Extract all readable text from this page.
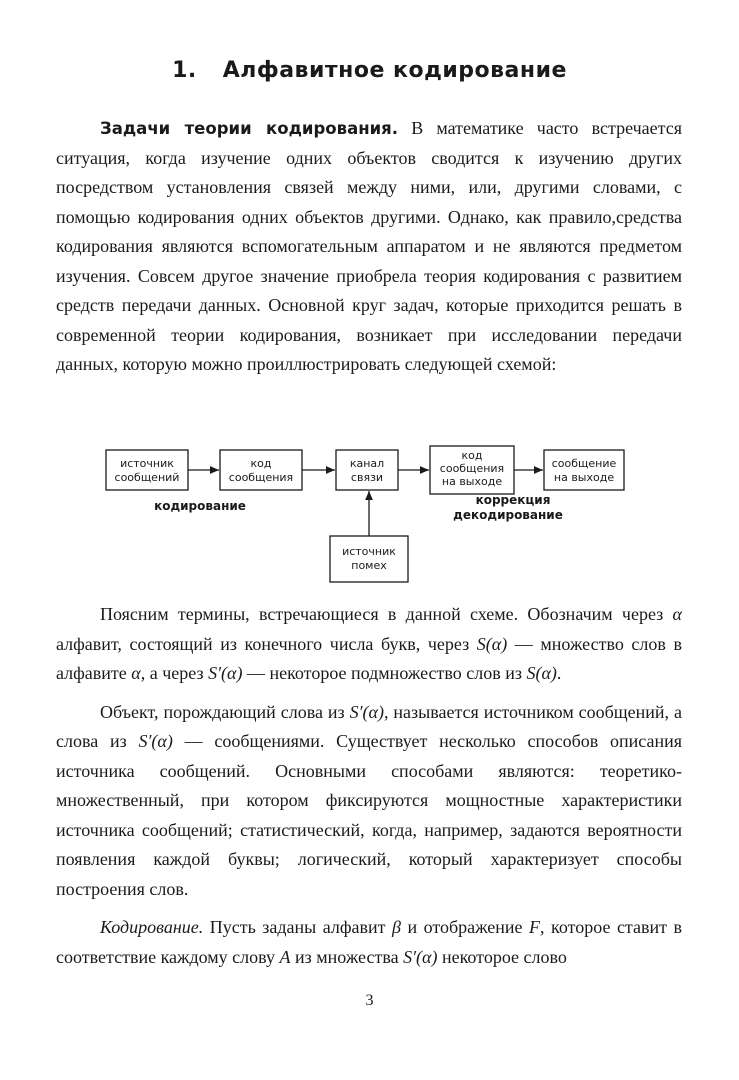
1. Алфавитное кодирование

Задачи теории кодирования. В математике часто встречается ситуация, когда изучение одних объектов сводится к изучению других посредством установления связей между ними, или, другими словами, с помощью кодирования одних объектов другими. Однако, как правило,средства кодирования являются вспомогательным аппаратом и не являются предметом изучения. Совсем другое значение приобрела теория кодирования с развитием средств передачи данных. Основной круг задач, которые приходится решать в современной теории кодирования, возникает при исследовании передачи данных, которую можно проиллюстрировать следующей схемой:

источник
сообщений
код
сообщения
канал
связи
код
сообщения
на выходе
сообщение
на выходе
источник
помех
кодирование	коррекция
декодирование

Поясним термины, встречающиеся в данной схеме. Обозначим через α алфавит, состоящий из конечного числа букв, через S(α) — множество слов в алфавите α, а через S′(α) — некоторое подмножество слов из S(α).

Объект, порождающий слова из S′(α), называется источником сообщений, а слова из S′(α) — сообщениями. Существует несколько способов описания источника сообщений. Основными способами являются: теоретико-множественный, при котором фиксируются мощностные характеристики источника сообщений; статистический, когда, например, задаются вероятности появления каждой буквы; логический, который характеризует способы построения слов.

Кодирование. Пусть заданы алфавит β и отображение F, которое ставит в соответствие каждому слову A из множества S′(α) некоторое слово

3
